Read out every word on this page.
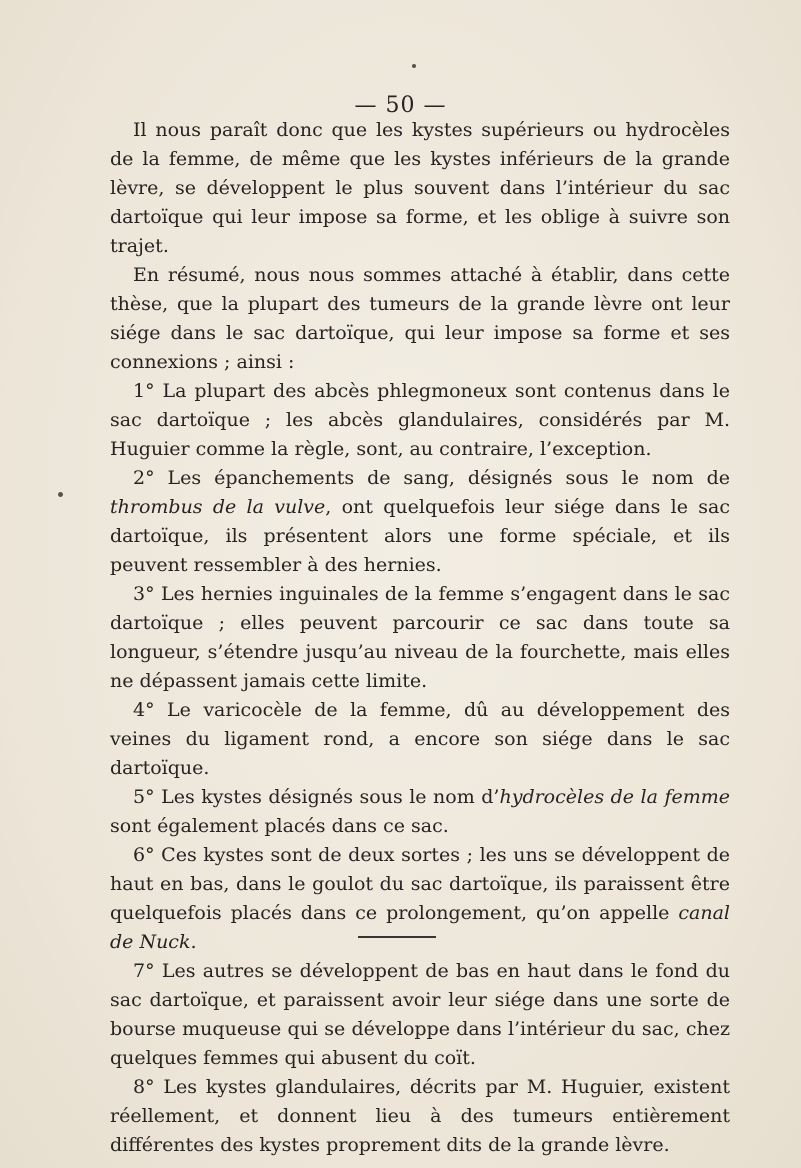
— 50 —

Il nous paraît donc que les kystes supérieurs ou hydrocèles de la femme, de même que les kystes inférieurs de la grande lèvre, se développent le plus souvent dans l’intérieur du sac dartoïque qui leur impose sa forme, et les oblige à suivre son trajet.

En résumé, nous nous sommes attaché à établir, dans cette thèse, que la plupart des tumeurs de la grande lèvre ont leur siége dans le sac dartoïque, qui leur impose sa forme et ses connexions ; ainsi :

1° La plupart des abcès phlegmoneux sont contenus dans le sac dartoïque ; les abcès glandulaires, considérés par M. Huguier comme la règle, sont, au contraire, l’exception.

2° Les épanchements de sang, désignés sous le nom de thrombus de la vulve, ont quelquefois leur siége dans le sac dartoïque, ils présentent alors une forme spéciale, et ils peuvent ressembler à des hernies.

3° Les hernies inguinales de la femme s’engagent dans le sac dartoïque ; elles peuvent parcourir ce sac dans toute sa longueur, s’étendre jusqu’au niveau de la fourchette, mais elles ne dépassent jamais cette limite.

4° Le varicocèle de la femme, dû au développement des veines du ligament rond, a encore son siége dans le sac dartoïque.

5° Les kystes désignés sous le nom d’hydrocèles de la femme sont également placés dans ce sac.

6° Ces kystes sont de deux sortes ; les uns se développent de haut en bas, dans le goulot du sac dartoïque, ils paraissent être quelquefois placés dans ce prolongement, qu’on appelle canal de Nuck.

7° Les autres se développent de bas en haut dans le fond du sac dartoïque, et paraissent avoir leur siége dans une sorte de bourse muqueuse qui se développe dans l’intérieur du sac, chez quelques femmes qui abusent du coït.

8° Les kystes glandulaires, décrits par M. Huguier, existent réellement, et donnent lieu à des tumeurs entièrement différentes des kystes proprement dits de la grande lèvre.
